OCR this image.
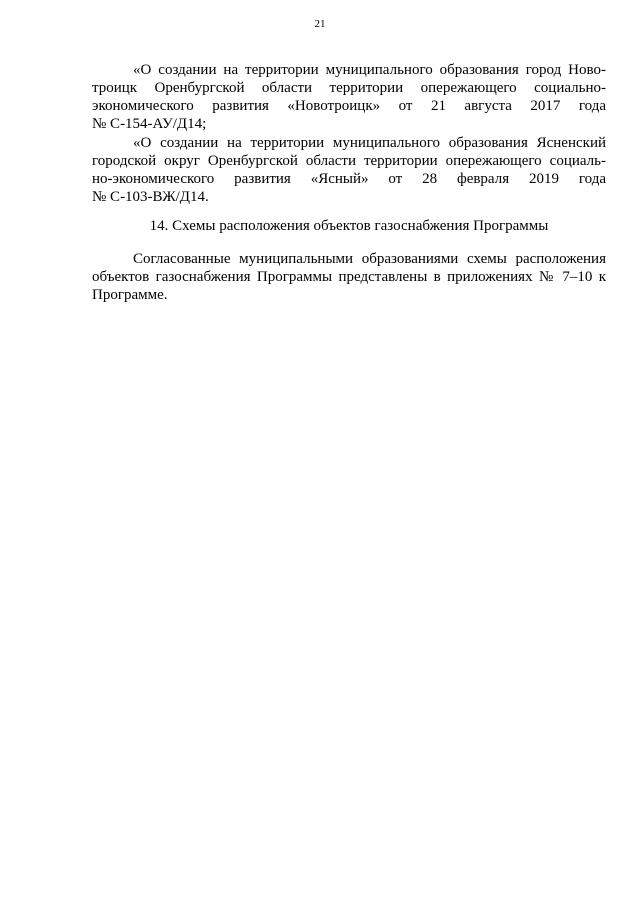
21
«О создании на территории муниципального образования город Ново-
троицк Оренбургской области территории опережающего социально-
экономического развития «Новотроицк» от 21 августа 2017 года
№ С-154-АУ/Д14;
«О создании на территории муниципального образования Ясненский
городской округ Оренбургской области территории опережающего социаль-
но-экономического развития «Ясный» от 28 февраля 2019 года
№ С-103-ВЖ/Д14.
14. Схемы расположения объектов газоснабжения Программы
Согласованные муниципальными образованиями схемы расположения
объектов газоснабжения Программы представлены в приложениях № 7–10 к
Программе.
